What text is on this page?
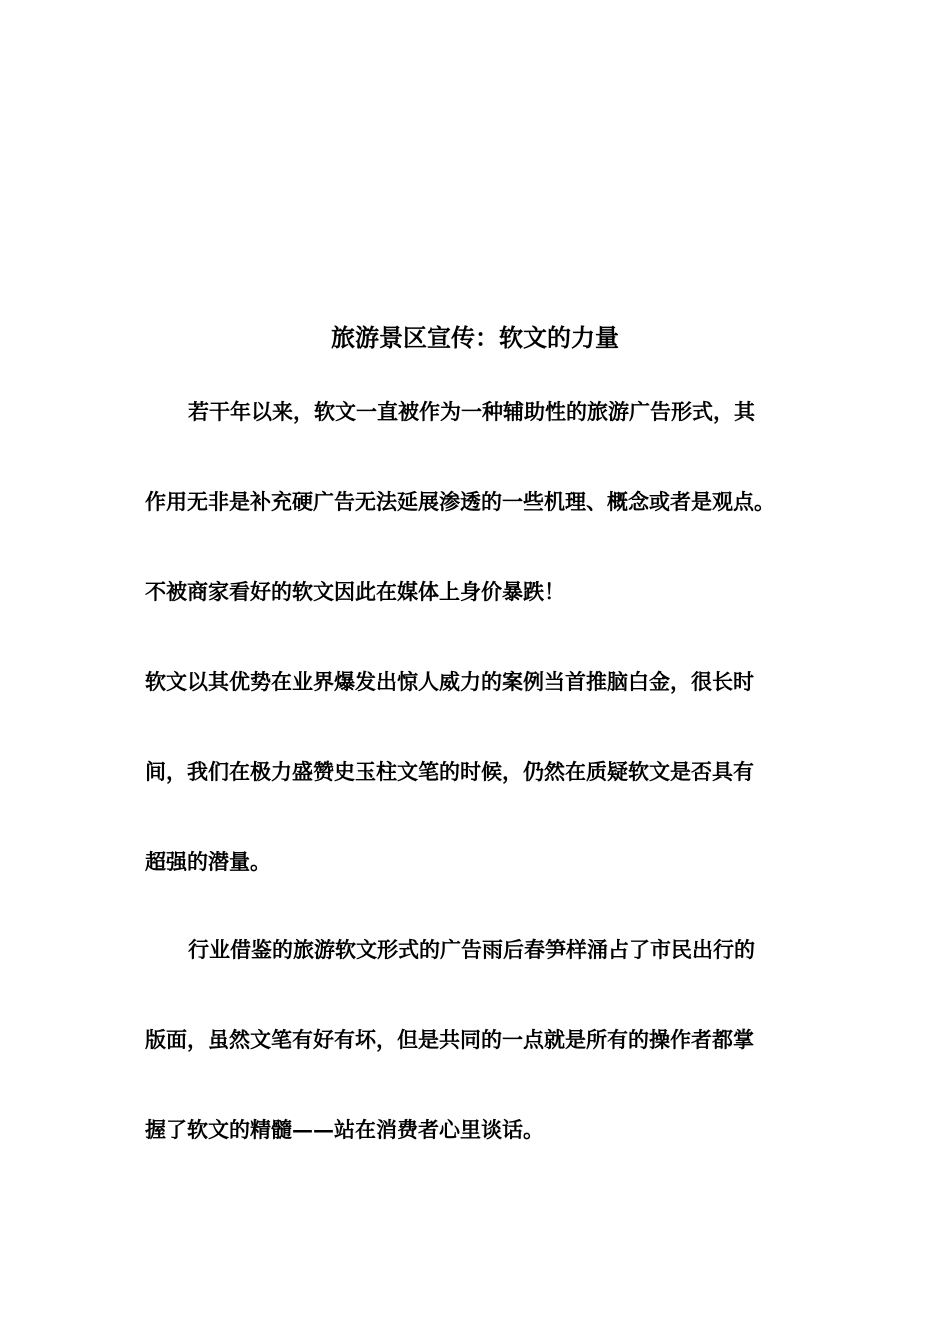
旅游景区宣传：软文的力量
若干年以来，软文一直被作为一种辅助性的旅游广告形式，其
作用无非是补充硬广告无法延展渗透的一些机理、概念或者是观点。
不被商家看好的软文因此在媒体上身价暴跌！
软文以其优势在业界爆发出惊人威力的案例当首推脑白金，很长时
间，我们在极力盛赞史玉柱文笔的时候，仍然在质疑软文是否具有
超强的潜量。
行业借鉴的旅游软文形式的广告雨后春笋样涌占了市民出行的
版面，虽然文笔有好有坏，但是共同的一点就是所有的操作者都掌
握了软文的精髓——站在消费者心里谈话。
